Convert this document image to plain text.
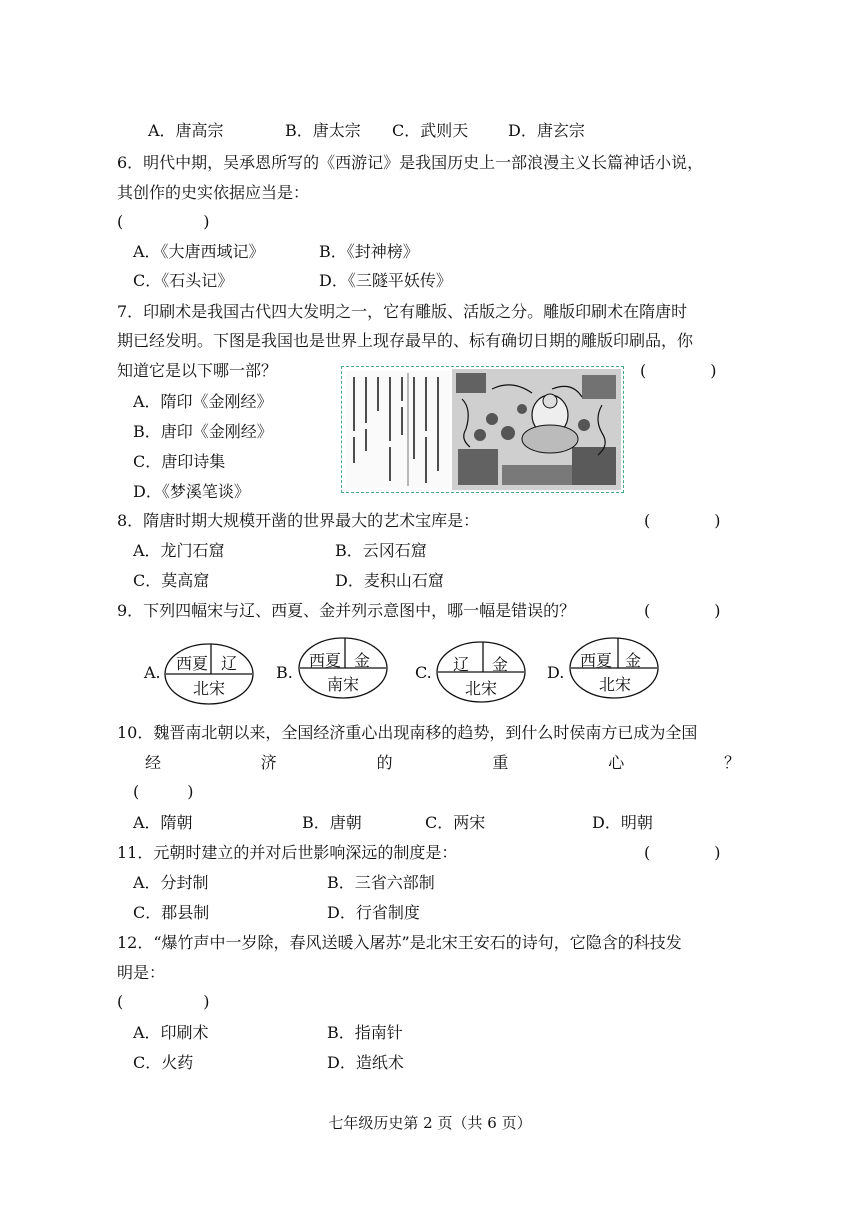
A．唐高宗	B．唐太宗 C．武则天 D．唐玄宗
6．明代中期，吴承恩所写的《西游记》是我国历史上一部浪漫主义长篇神话小说，
其创作的史实依据应当是：
(　　　　　)
A．《大唐西域记》	B．《封神榜》
C．《石头记》	D．《三隧平妖传》
7．印刷术是我国古代四大发明之一，它有雕版、活版之分。雕版印刷术在隋唐时
期已经发明。下图是我国也是世界上现存最早的、标有确切日期的雕版印刷品，你
知道它是以下哪一部？	(　　　　)
A．隋印《金刚经》
B．唐印《金刚经》
C．唐印诗集
D．《梦溪笔谈》
8．隋唐时期大规模开凿的世界最大的艺术宝库是：	(　　　　)
A．龙门石窟	B．云冈石窟
C．莫高窟	D．麦积山石窟
9．下列四幅宋与辽、西夏、金并列示意图中，哪一幅是错误的？	(　　　　)
A. 西夏 辽
北宋
B.
西夏 金
南宋
C. 辽 金
北宋
D.
西夏 金
北宋
10．魏晋南北朝以来，全国经济重心出现南移的趋势，到什么时侯南方已成为全国
经	济	的	重	心	？
(　　　)
A．隋朝	B．唐朝	C．两宋	D．明朝
11．元朝时建立的并对后世影响深远的制度是：	(　　　　)
A．分封制	B．三省六部制
C．郡县制	D．行省制度
12．“爆竹声中一岁除，春风送暖入屠苏”是北宋王安石的诗句，它隐含的科技发
明是：
(　　　　　)
A．印刷术	B．指南针
C．火药	D．造纸术
七年级历史第 2 页（共 6 页）
